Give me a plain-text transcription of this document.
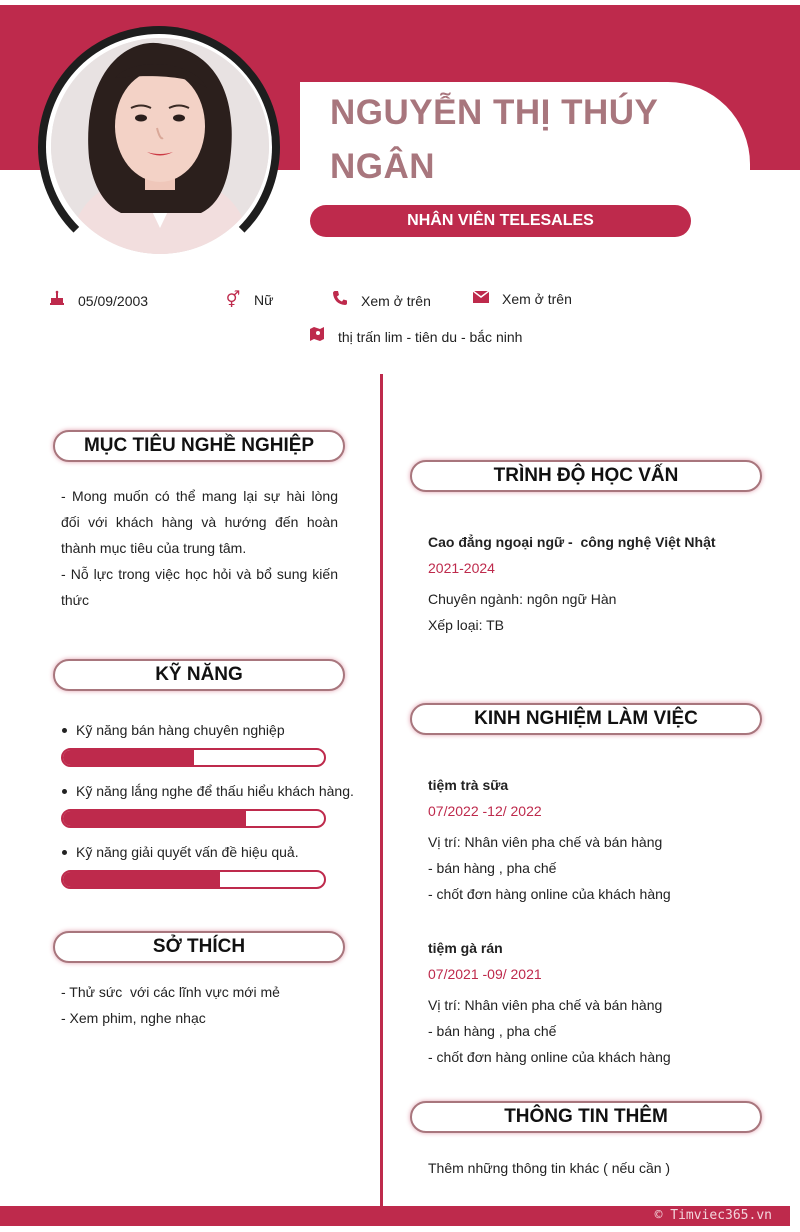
NGUYỄN THỊ THÚY NGÂN
NHÂN VIÊN TELESALES
05/09/2003	⚥ Nữ	Xem ở trên	Xem ở trên
thị trấn lim - tiên du - bắc ninh
MỤC TIÊU NGHỀ NGHIỆP
- Mong muốn có thể mang lại sự hài lòng đối với khách hàng và hướng đến hoàn thành mục tiêu của trung tâm.
- Nỗ lực trong việc học hỏi và bổ sung kiến thức
KỸ NĂNG
Kỹ năng bán hàng chuyên nghiệp
Kỹ năng lắng nghe để thấu hiểu khách hàng.
Kỹ năng giải quyết vấn đề hiệu quả.
SỞ THÍCH
- Thử sức  với các lĩnh vực mới mẻ
- Xem phim, nghe nhạc
TRÌNH ĐỘ HỌC VẤN
Cao đẳng ngoại ngữ -  công nghệ Việt Nhật
2021-2024
Chuyên ngành: ngôn ngữ Hàn
Xếp loại: TB
KINH NGHIỆM LÀM VIỆC
tiệm trà sữa
07/2022 -12/ 2022
Vị trí: Nhân viên pha chế và bán hàng
- bán hàng , pha chế
- chốt đơn hàng online của khách hàng
tiệm gà rán
07/2021 -09/ 2021
Vị trí: Nhân viên pha chế và bán hàng
- bán hàng , pha chế
- chốt đơn hàng online của khách hàng
THÔNG TIN THÊM
Thêm những thông tin khác ( nếu cần )
© Timviec365.vn
